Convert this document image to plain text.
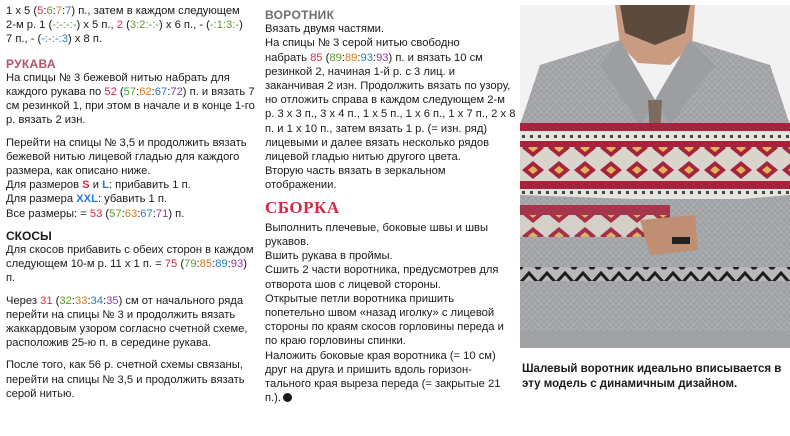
1 x 5 (5:6:7:7) п., затем в каждом следующем

2-м р. 1 (-:-:-:-) x 5 п., 2 (3:2:-:-) x 6 п., - (-:1:3:-)

7 п., - (-:-:-:3) x 8 п.

РУКАВА

На спицы № 3 бежевой нитью набрать для каждого рукава по 52 (57:62:67:72) п. и вязать 7 см резинкой 1, при этом в начале и в конце 1-го р. вязать 2 изн.

Перейти на спицы № 3,5 и продолжить вязать бежевой нитью лицевой гладью для каждого размера, как описано ниже.

Для размеров S и L: прибавить 1 п.

Для размера XXL: убавить 1 п.

Все размеры: = 53 (57:63:67:71) п.

СКОСЫ

Для скосов прибавить с обеих сторон в каждом следующем 10-м р. 11 x 1 п. = 75 (79:85:89:93) п.

Через 31 (32:33:34:35) см от начального ряда перейти на спицы № 3 и продолжить вязать жаккардовым узором согласно счетной схеме, расположив 25-ю п. в середине рукава.

После того, как 56 р. счетной схемы связаны, перейти на спицы № 3,5 и продолжить вязать серой нитью.

ВОРОТНИК

Вязать двумя частями.

На спицы № 3 серой нитью свободно

набрать 85 (89:89:93:93) п. и вязать 10 см

резинкой 2, начиная 1-й р. с 3 лиц. и заканчивая 2 изн. Продолжить вязать по узору, но отложить справа в каждом следующем 2-м р. 3 x 3 п., 3 x 4 п., 1 x 5 п., 1 x 6 п., 1 x 7 п., 2 x 8 п. и 1 x 10 п., затем вязать 1 р. (= изн. ряд) лицевыми и далее вязать несколько рядов лицевой гладью нитью другого цвета.

Вторую часть вязать в зеркальном отображении.

СБОРКА

Выполнить плечевые, боковые швы и швы рукавов.

Вшить рукава в проймы.

Сшить 2 части воротника, предусмотрев для отворота шов с лицевой стороны.

Открытые петли воротника пришить попетельно швом «назад иголку» с лицевой стороны по краям скосов горловины переда и по краю горловины спинки.

Наложить боковые края воротника (= 10 см) друг на друга и пришить вдоль горизон-тального края выреза переда (= закрытые 21 п.).

Шалевый воротник идеально вписывается в эту модель с динамичным дизайном.
